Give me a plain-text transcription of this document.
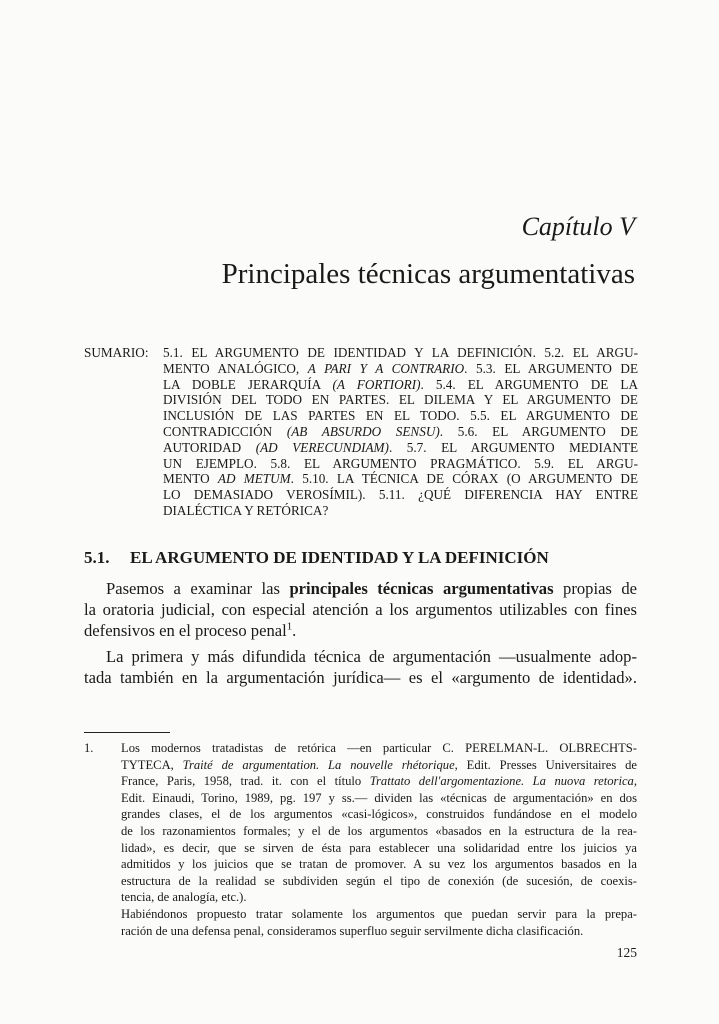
Capítulo V
Principales técnicas argumentativas
SUMARIO: 5.1. EL ARGUMENTO DE IDENTIDAD Y LA DEFINICIÓN. 5.2. EL ARGU-
MENTO ANALÓGICO, A PARI Y A CONTRARIO. 5.3. EL ARGUMENTO DE
LA DOBLE JERARQUÍA (A FORTIORI). 5.4. EL ARGUMENTO DE LA
DIVISIÓN DEL TODO EN PARTES. EL DILEMA Y EL ARGUMENTO DE
INCLUSIÓN DE LAS PARTES EN EL TODO. 5.5. EL ARGUMENTO DE
CONTRADICCIÓN (AB ABSURDO SENSU). 5.6. EL ARGUMENTO DE
AUTORIDAD (AD VERECUNDIAM). 5.7. EL ARGUMENTO MEDIANTE
UN EJEMPLO. 5.8. EL ARGUMENTO PRAGMÁTICO. 5.9. EL ARGU-
MENTO AD METUM. 5.10. LA TÉCNICA DE CÓRAX (O ARGUMENTO DE
LO DEMASIADO VEROSÍMIL). 5.11. ¿QUÉ DIFERENCIA HAY ENTRE
DIALÉCTICA Y RETÓRICA?
5.1. EL ARGUMENTO DE IDENTIDAD Y LA DEFINICIÓN
Pasemos a examinar las principales técnicas argumentativas propias de
la oratoria judicial, con especial atención a los argumentos utilizables con fines
defensivos en el proceso penal$^1$.
La primera y más difundida técnica de argumentación —usualmente adop-
tada también en la argumentación jurídica— es el «argumento de identidad».
1. Los modernos tratadistas de retórica —en particular C. PERELMAN-L. OLBRECHTS-
TYTECA, Traité de argumentation. La nouvelle rhétorique, Edit. Presses Universitaires de
France, Paris, 1958, trad. it. con el título Trattato dell'argomentazione. La nuova retorica,
Edit. Einaudi, Torino, 1989, pg. 197 y ss.— dividen las «técnicas de argumentación» en dos
grandes clases, el de los argumentos «casi-lógicos», construidos fundándose en el modelo
de los razonamientos formales; y el de los argumentos «basados en la estructura de la rea-
lidad», es decir, que se sirven de ésta para establecer una solidaridad entre los juicios ya
admitidos y los juicios que se tratan de promover. A su vez los argumentos basados en la
estructura de la realidad se subdividen según el tipo de conexión (de sucesión, de coexis-
tencia, de analogía, etc.).
Habiéndonos propuesto tratar solamente los argumentos que puedan servir para la prepa-
ración de una defensa penal, consideramos superfluo seguir servilmente dicha clasificación.
125
